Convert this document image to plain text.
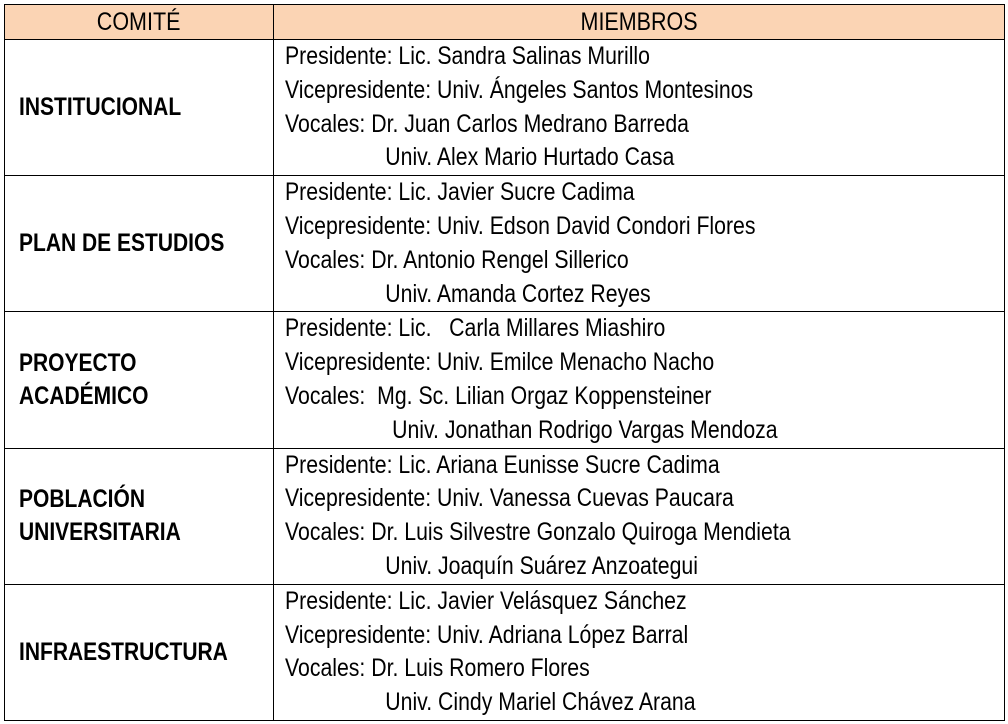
COMITÉ	MIEMBROS

INSTITUCIONAL	Presidente: Lic. Sandra Salinas Murillo
Vicepresidente: Univ. Ángeles Santos Montesinos
Vocales: Dr. Juan Carlos Medrano Barreda
Univ. Alex Mario Hurtado Casa

PLAN DE ESTUDIOS	Presidente: Lic. Javier Sucre Cadima
Vicepresidente: Univ. Edson David Condori Flores
Vocales: Dr. Antonio Rengel Sillerico
Univ. Amanda Cortez Reyes

PROYECTO
ACADÉMICO	Presidente: Lic.   Carla Millares Miashiro
Vicepresidente: Univ. Emilce Menacho Nacho
Vocales:  Mg. Sc. Lilian Orgaz Koppensteiner
Univ. Jonathan Rodrigo Vargas Mendoza

POBLACIÓN
UNIVERSITARIA	Presidente: Lic. Ariana Eunisse Sucre Cadima
Vicepresidente: Univ. Vanessa Cuevas Paucara
Vocales: Dr. Luis Silvestre Gonzalo Quiroga Mendieta
Univ. Joaquín Suárez Anzoategui

INFRAESTRUCTURA	Presidente: Lic. Javier Velásquez Sánchez
Vicepresidente: Univ. Adriana López Barral
Vocales: Dr. Luis Romero Flores
Univ. Cindy Mariel Chávez Arana
